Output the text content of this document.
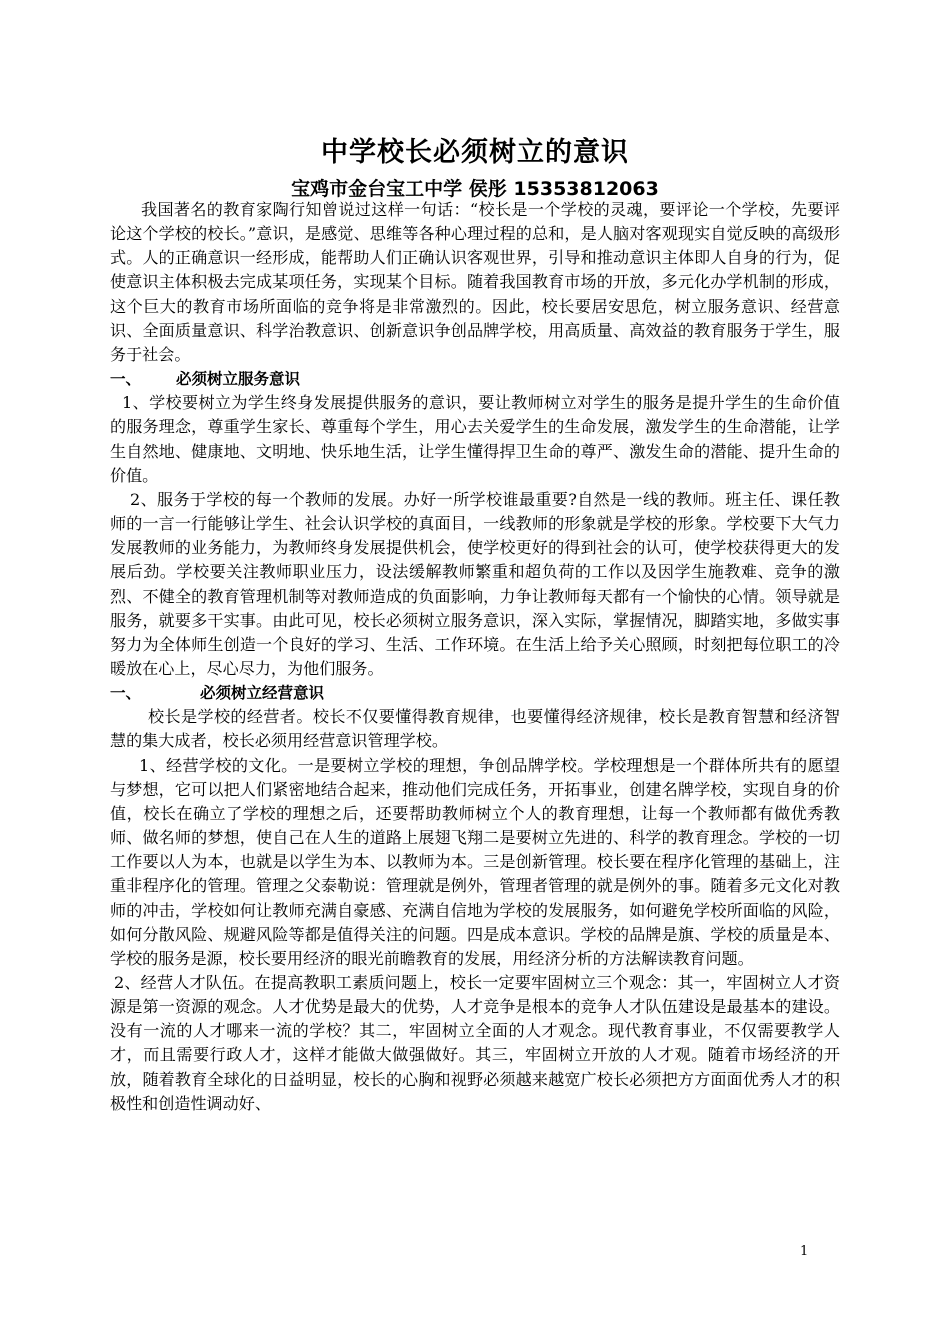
中学校长必须树立的意识
宝鸡市金台宝工中学 侯彤 15353812063

我国著名的教育家陶行知曾说过这样一句话：“校长是一个学校的灵魂，要评论一个学校，先要评论这个学校的校长。”意识，是感觉、思维等各种心理过程的总和，是人脑对客观现实自觉反映的高级形式。人的正确意识一经形成，能帮助人们正确认识客观世界，引导和推动意识主体即人自身的行为，促使意识主体积极去完成某项任务，实现某个目标。随着我国教育市场的开放，多元化办学机制的形成，这个巨大的教育市场所面临的竞争将是非常激烈的。因此，校长要居安思危，树立服务意识、经营意识、全面质量意识、科学治教意识、创新意识争创品牌学校，用高质量、高效益的教育服务于学生，服务于社会。

一、 必须树立服务意识

1、学校要树立为学生终身发展提供服务的意识，要让教师树立对学生的服务是提升学生的生命价值的服务理念，尊重学生家长、尊重每个学生，用心去关爱学生的生命发展，激发学生的生命潜能，让学生自然地、健康地、文明地、快乐地生活，让学生懂得捍卫生命的尊严、激发生命的潜能、提升生命的价值。

2、服务于学校的每一个教师的发展。办好一所学校谁最重要?自然是一线的教师。班主任、课任教师的一言一行能够让学生、社会认识学校的真面目，一线教师的形象就是学校的形象。学校要下大气力发展教师的业务能力，为教师终身发展提供机会，使学校更好的得到社会的认可，使学校获得更大的发展后劲。学校要关注教师职业压力，设法缓解教师繁重和超负荷的工作以及因学生施教难、竞争的激烈、不健全的教育管理机制等对教师造成的负面影响，力争让教师每天都有一个愉快的心情。领导就是服务，就要多干实事。由此可见，校长必须树立服务意识，深入实际，掌握情况，脚踏实地，多做实事努力为全体师生创造一个良好的学习、生活、工作环境。在生活上给予关心照顾，时刻把每位职工的冷暖放在心上，尽心尽力，为他们服务。

一、	必须树立经营意识

校长是学校的经营者。校长不仅要懂得教育规律，也要懂得经济规律，校长是教育智慧和经济智慧的集大成者，校长必须用经营意识管理学校。

1、经营学校的文化。一是要树立学校的理想，争创品牌学校。学校理想是一个群体所共有的愿望与梦想，它可以把人们紧密地结合起来，推动他们完成任务，开拓事业，创建名牌学校，实现自身的价值，校长在确立了学校的理想之后，还要帮助教师树立个人的教育理想，让每一个教师都有做优秀教师、做名师的梦想，使自己在人生的道路上展翅飞翔二是要树立先进的、科学的教育理念。学校的一切工作要以人为本，也就是以学生为本、以教师为本。三是创新管理。校长要在程序化管理的基础上，注重非程序化的管理。管理之父泰勒说：管理就是例外，管理者管理的就是例外的事。随着多元文化对教师的冲击，学校如何让教师充满自豪感、充满自信地为学校的发展服务，如何避免学校所面临的风险，如何分散风险、规避风险等都是值得关注的问题。四是成本意识。学校的品牌是旗、学校的质量是本、学校的服务是源，校长要用经济的眼光前瞻教育的发展，用经济分析的方法解读教育问题。

2、经营人才队伍。在提高教职工素质问题上，校长一定要牢固树立三个观念：其一，牢固树立人才资源是第一资源的观念。人才优势是最大的优势，人才竞争是根本的竞争人才队伍建设是最基本的建设。没有一流的人才哪来一流的学校？其二，牢固树立全面的人才观念。现代教育事业，不仅需要教学人才，而且需要行政人才，这样才能做大做强做好。其三，牢固树立开放的人才观。随着市场经济的开放，随着教育全球化的日益明显，校长的心胸和视野必须越来越宽广校长必须把方方面面优秀人才的积极性和创造性调动好、

1
